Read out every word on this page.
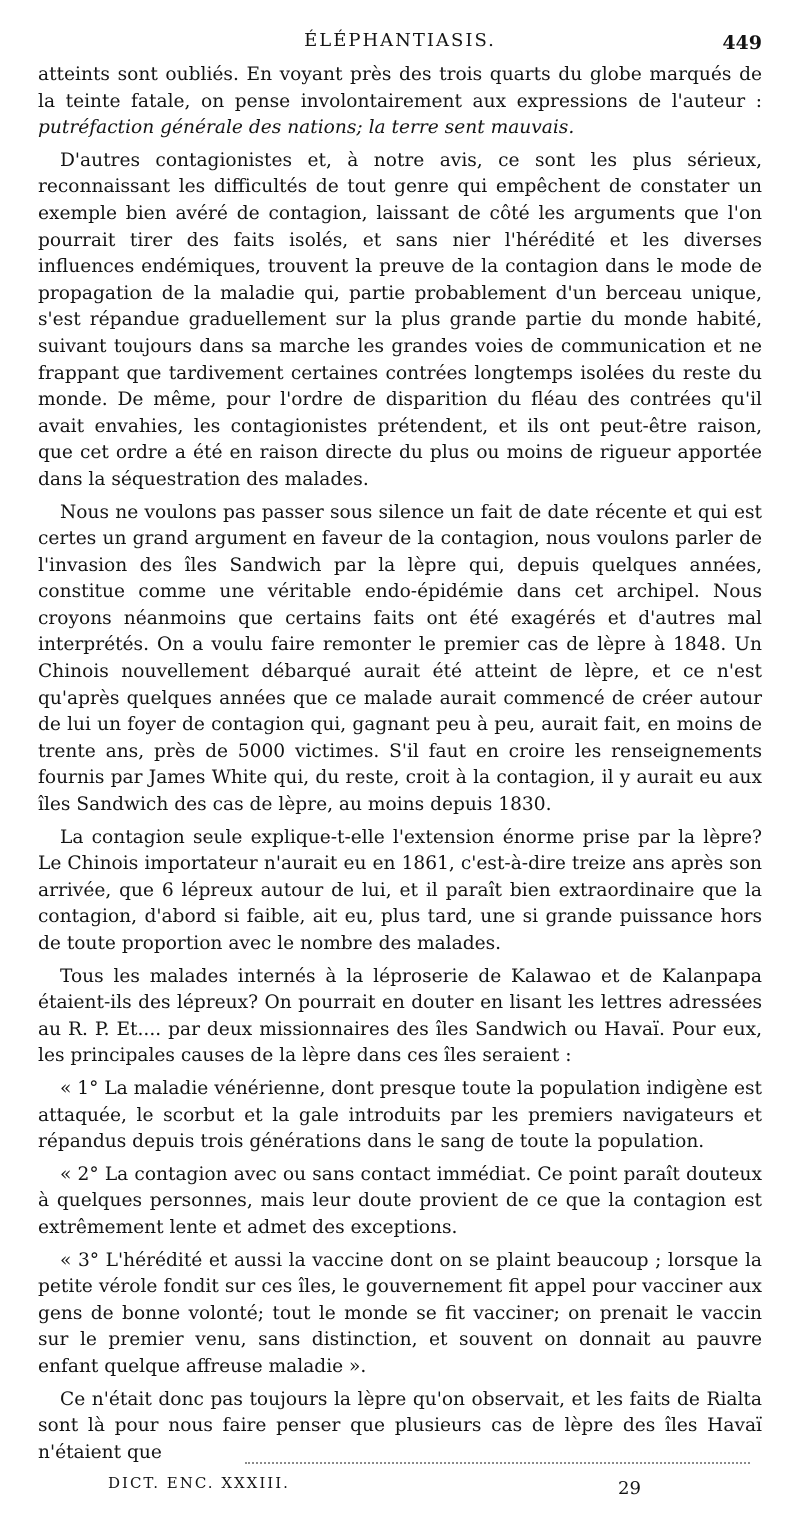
ÉLÉPHANTIASIS.	449

atteints sont oubliés. En voyant près des trois quarts du globe marqués de la teinte fatale, on pense involontairement aux expressions de l'auteur : putréfaction générale des nations; la terre sent mauvais.

D'autres contagionistes et, à notre avis, ce sont les plus sérieux, reconnaissant les difficultés de tout genre qui empêchent de constater un exemple bien avéré de contagion, laissant de côté les arguments que l'on pourrait tirer des faits isolés, et sans nier l'hérédité et les diverses influences endémiques, trouvent la preuve de la contagion dans le mode de propagation de la maladie qui, partie probablement d'un berceau unique, s'est répandue graduellement sur la plus grande partie du monde habité, suivant toujours dans sa marche les grandes voies de communication et ne frappant que tardivement certaines contrées longtemps isolées du reste du monde. De même, pour l'ordre de disparition du fléau des contrées qu'il avait envahies, les contagionistes prétendent, et ils ont peut-être raison, que cet ordre a été en raison directe du plus ou moins de rigueur apportée dans la séquestration des malades.

Nous ne voulons pas passer sous silence un fait de date récente et qui est certes un grand argument en faveur de la contagion, nous voulons parler de l'invasion des îles Sandwich par la lèpre qui, depuis quelques années, constitue comme une véritable endo-épidémie dans cet archipel. Nous croyons néanmoins que certains faits ont été exagérés et d'autres mal interprétés. On a voulu faire remonter le premier cas de lèpre à 1848. Un Chinois nouvellement débarqué aurait été atteint de lèpre, et ce n'est qu'après quelques années que ce malade aurait commencé de créer autour de lui un foyer de contagion qui, gagnant peu à peu, aurait fait, en moins de trente ans, près de 5000 victimes. S'il faut en croire les renseignements fournis par James White qui, du reste, croit à la contagion, il y aurait eu aux îles Sandwich des cas de lèpre, au moins depuis 1830.

La contagion seule explique-t-elle l'extension énorme prise par la lèpre? Le Chinois importateur n'aurait eu en 1861, c'est-à-dire treize ans après son arrivée, que 6 lépreux autour de lui, et il paraît bien extraordinaire que la contagion, d'abord si faible, ait eu, plus tard, une si grande puissance hors de toute proportion avec le nombre des malades.

Tous les malades internés à la léproserie de Kalawao et de Kalanpapa étaient-ils des lépreux? On pourrait en douter en lisant les lettres adressées au R. P. Et.... par deux missionnaires des îles Sandwich ou Havaï. Pour eux, les principales causes de la lèpre dans ces îles seraient :

« 1° La maladie vénérienne, dont presque toute la population indigène est attaquée, le scorbut et la gale introduits par les premiers navigateurs et répandus depuis trois générations dans le sang de toute la population.

« 2° La contagion avec ou sans contact immédiat. Ce point paraît douteux à quelques personnes, mais leur doute provient de ce que la contagion est extrêmement lente et admet des exceptions.

« 3° L'hérédité et aussi la vaccine dont on se plaint beaucoup ; lorsque la petite vérole fondit sur ces îles, le gouvernement fit appel pour vacciner aux gens de bonne volonté; tout le monde se fit vacciner; on prenait le vaccin sur le premier venu, sans distinction, et souvent on donnait au pauvre enfant quelque affreuse maladie ».

Ce n'était donc pas toujours la lèpre qu'on observait, et les faits de Rialta sont là pour nous faire penser que plusieurs cas de lèpre des îles Havaï n'étaient que

DICT. ENC. XXXIII.	29
